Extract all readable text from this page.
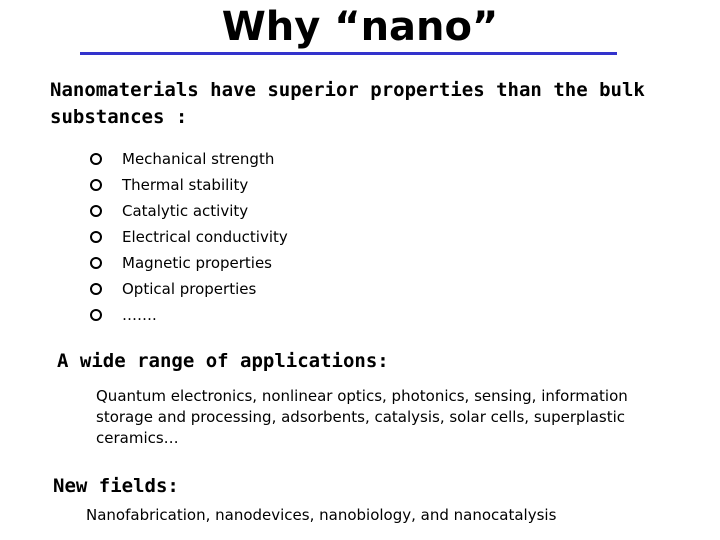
Why “nano”
Nanomaterials have superior properties than the bulk substances :
Mechanical strength
Thermal stability
Catalytic activity
Electrical conductivity
Magnetic properties
Optical properties
…….
A wide range of applications:
Quantum electronics, nonlinear optics, photonics, sensing, information storage and processing, adsorbents, catalysis, solar cells, superplastic ceramics…
New fields:
Nanofabrication, nanodevices, nanobiology, and nanocatalysis
